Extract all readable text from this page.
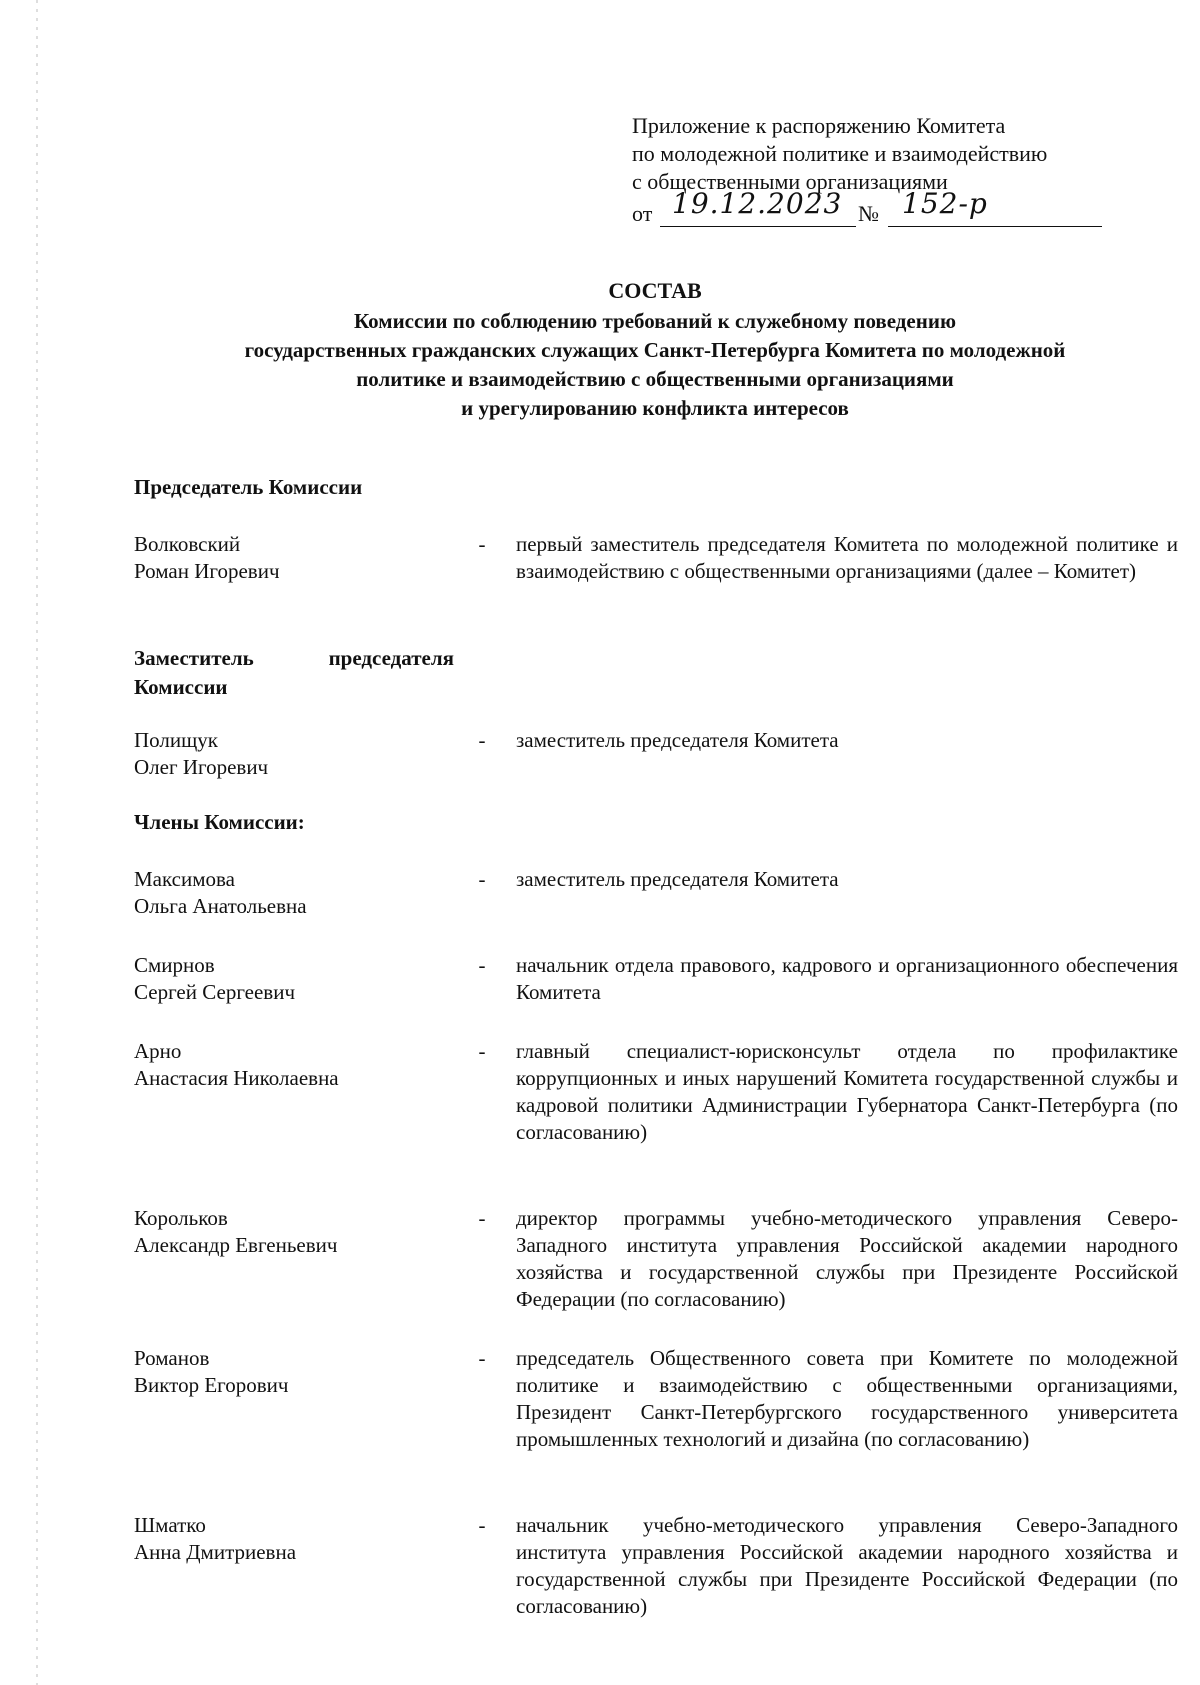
Приложение к распоряжению Комитета
по молодежной политике и взаимодействию
с общественными организациями
от 19.12.2023 № 152-р
СОСТАВ
Комиссии по соблюдению требований к служебному поведению
государственных гражданских служащих Санкт-Петербурга Комитета по молодежной
политике и взаимодействию с общественными организациями
и урегулированию конфликта интересов
Председатель Комиссии
Волковский
Роман Игоревич
- первый заместитель председателя Комитета по молодежной политике и взаимодействию с общественными организациями (далее – Комитет)
Заместитель	председателя
Комиссии
Полищук
Олег Игоревич
- заместитель председателя Комитета
Члены Комиссии:
Максимова
Ольга Анатольевна
- заместитель председателя Комитета
Смирнов
Сергей Сергеевич
- начальник отдела правового, кадрового и организационного обеспечения Комитета
Арно
Анастасия Николаевна
- главный специалист-юрисконсульт отдела по профилактике коррупционных и иных нарушений Комитета государственной службы и кадровой политики Администрации Губернатора Санкт-Петербурга (по согласованию)
Корольков
Александр Евгеньевич
- директор программы учебно-методического управления Северо-Западного института управления Российской академии народного хозяйства и государственной службы при Президенте Российской Федерации (по согласованию)
Романов
Виктор Егорович
- председатель Общественного совета при Комитете по молодежной политике и взаимодействию с общественными организациями, Президент Санкт-Петербургского государственного университета промышленных технологий и дизайна (по согласованию)
Шматко
Анна Дмитриевна
- начальник учебно-методического управления Северо-Западного института управления Российской академии народного хозяйства и государственной службы при Президенте Российской Федерации (по согласованию)
